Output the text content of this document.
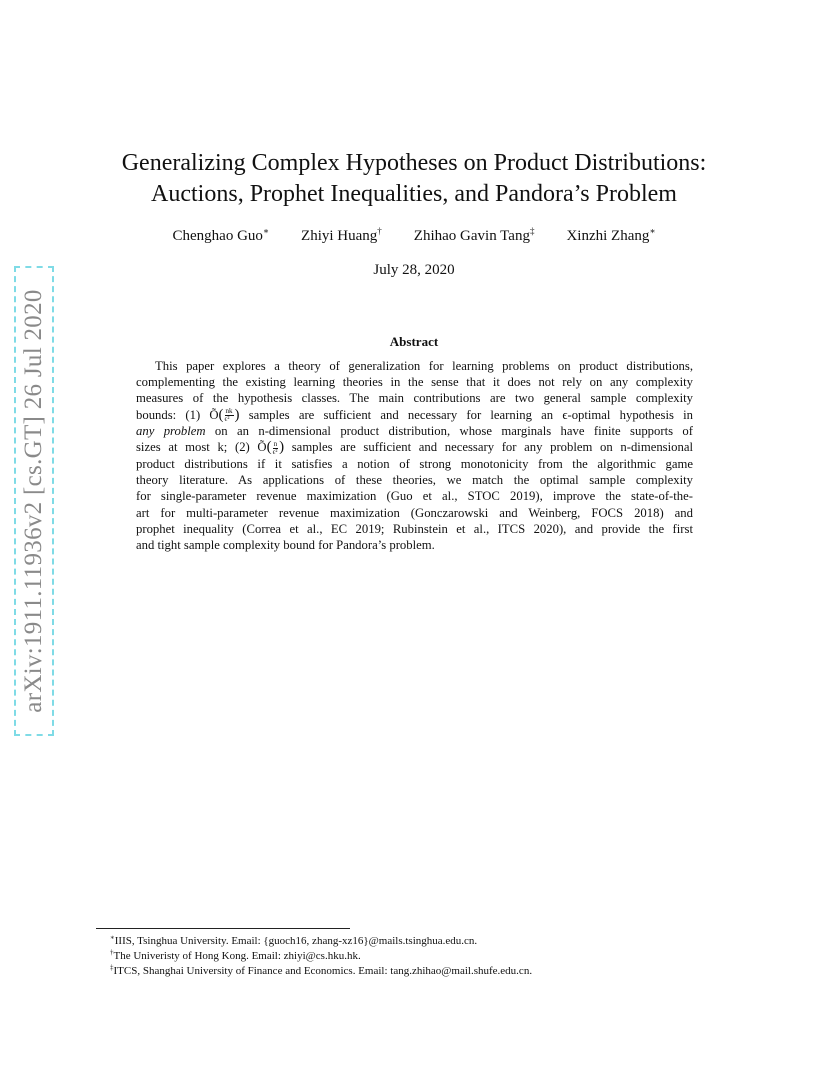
arXiv:1911.11936v2 [cs.GT] 26 Jul 2020
Generalizing Complex Hypotheses on Product Distributions:
Auctions, Prophet Inequalities, and Pandora’s Problem
Chenghao Guo∗ Zhiyi Huang† Zhihao Gavin Tang‡ Xinzhi Zhang∗
July 28, 2020
Abstract
This paper explores a theory of generalization for learning problems on product distributions,
complementing the existing learning theories in the sense that it does not rely on any complexity
measures of the hypothesis classes. The main contributions are two general sample complexity
bounds: (1) Õ( $\frac{nk}{\text{ϵ²}}$ ) samples are sufficient and necessary for learning an ϵ-optimal hypothesis in
any problem on an n-dimensional product distribution, whose marginals have finite supports of
sizes at most k; (2) Õ( $\frac{n}{\text{ϵ²}}$ ) samples are sufficient and necessary for any problem on n-dimensional
product distributions if it satisfies a notion of strong monotonicity from the algorithmic game
theory literature. As applications of these theories, we match the optimal sample complexity
for single-parameter revenue maximization (Guo et al., STOC 2019), improve the state-of-the-
art for multi-parameter revenue maximization (Gonczarowski and Weinberg, FOCS 2018) and
prophet inequality (Correa et al., EC 2019; Rubinstein et al., ITCS 2020), and provide the first
and tight sample complexity bound for Pandora’s problem.
∗IIIS, Tsinghua University. Email: {guoch16, zhang-xz16}@mails.tsinghua.edu.cn.
†The Univeristy of Hong Kong. Email: zhiyi@cs.hku.hk.
‡ITCS, Shanghai University of Finance and Economics. Email: tang.zhihao@mail.shufe.edu.cn.
